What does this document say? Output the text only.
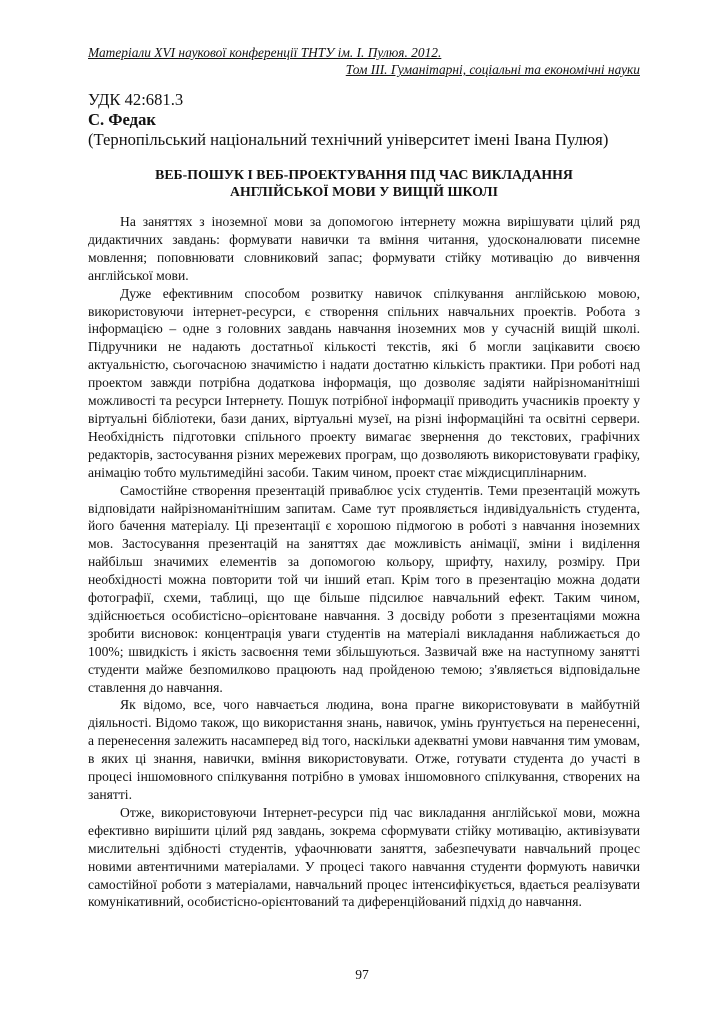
Матеріали XVI наукової конференції ТНТУ ім. І. Пулюя. 2012.
Том ІІІ. Гуманітарні, соціальні та економічні науки
УДК 42:681.3
С. Федак
(Тернопільський національний технічний університет імені Івана Пулюя)
ВЕБ-ПОШУК І ВЕБ-ПРОЕКТУВАННЯ ПІД ЧАС ВИКЛАДАННЯ
АНГЛІЙСЬКОЇ МОВИ У ВИЩІЙ ШКОЛІ

На заняттях з іноземної мови за допомогою інтернету можна вирішувати цілий ряд дидактичних завдань: формувати навички та вміння читання, удосконалювати писемне мовлення; поповнювати словниковий запас; формувати стійку мотивацію до вивчення англійської мови.

Дуже ефективним способом розвитку навичок спілкування англійською мовою, використовуючи інтернет-ресурси, є створення спільних навчальних проектів. Робота з інформацією – одне з головних завдань навчання іноземних мов у сучасній вищій школі. Підручники не надають достатньої кількості текстів, які б могли зацікавити своєю актуальністю, сьогочасною значимістю і надати достатню кількість практики. При роботі над проектом завжди потрібна додаткова інформація, що дозволяє задіяти найрізноманітніші можливості та ресурси Інтернету. Пошук потрібної інформації приводить учасників проекту у віртуальні бібліотеки, бази даних, віртуальні музеї, на різні інформаційні та освітні сервери. Необхідність підготовки спільного проекту вимагає звернення до текстових, графічних редакторів, застосування різних мережевих програм, що дозволяють використовувати графіку, анімацію тобто мультимедійні засоби. Таким чином, проект стає міждисциплінарним.

Самостійне створення презентацій приваблює усіх студентів. Теми презентацій можуть відповідати найрізноманітнішим запитам. Саме тут проявляється індивідуальність студента, його бачення матеріалу. Ці презентації є хорошою підмогою в роботі з навчання іноземних мов. Застосування презентацій на заняттях дає можливість анімації, зміни і виділення найбільш значимих елементів за допомогою кольору, шрифту, нахилу, розміру. При необхідності можна повторити той чи інший етап. Крім того в презентацію можна додати фотографії, схеми, таблиці, що ще більше підсилює навчальний ефект. Таким чином, здійснюється особистісно–орієнтоване навчання. З досвіду роботи з презентаціями можна зробити висновок: концентрація уваги студентів на матеріалі викладання наближається до 100%; швидкість і якість засвоєння теми збільшуються. Зазвичай вже на наступному занятті студенти майже безпомилково працюють над пройденою темою; з'являється відповідальне ставлення до навчання.

Як відомо, все, чого навчається людина, вона прагне використовувати в майбутній діяльності. Відомо також, що використання знань, навичок, умінь ґрунтується на перенесенні, а перенесення залежить насамперед від того, наскільки адекватні умови навчання тим умовам, в яких ці знання, навички, вміння використовувати. Отже, готувати студента до участі в процесі іншомовного спілкування потрібно в умовах іншомовного спілкування, створених на занятті.

Отже, використовуючи Інтернет-ресурси під час викладання англійської мови, можна ефективно вирішити цілий ряд завдань, зокрема сформувати стійку мотивацію, активізувати мислительні здібності студентів, уфаочнювати заняття, забезпечувати навчальний процес новими автентичними матеріалами. У процесі такого навчання студенти формують навички самостійної роботи з матеріалами, навчальний процес інтенсифікується, вдається реалізувати комунікативний, особистісно-орієнтований та диференційований підхід до навчання.

97
